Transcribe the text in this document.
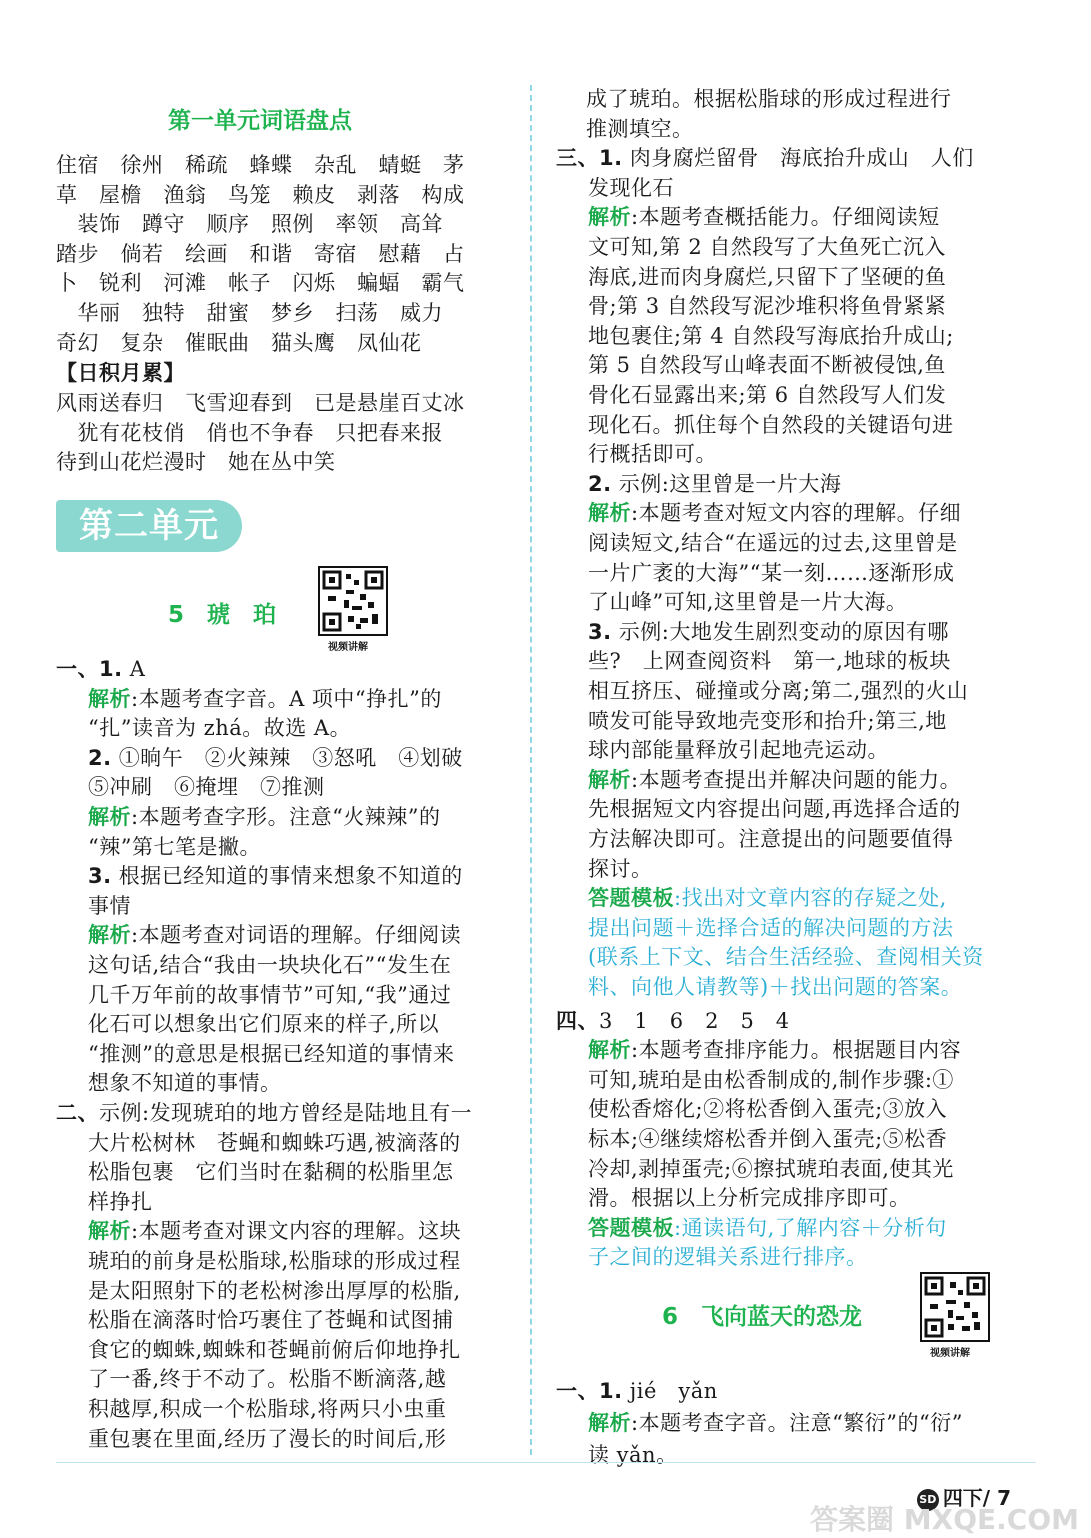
第一单元词语盘点
住宿　徐州　稀疏　蜂蝶　杂乱　蜻蜓　茅
草　屋檐　渔翁　鸟笼　赖皮　剥落　构成
　装饰　蹲守　顺序　照例　率领　高耸
踏步　倘若　绘画　和谐　寄宿　慰藉　占
卜　锐利　河滩　帐子　闪烁　蝙蝠　霸气
　华丽　独特　甜蜜　梦乡　扫荡　威力
奇幻　复杂　催眠曲　猫头鹰　凤仙花
【日积月累】
风雨送春归　飞雪迎春到　已是悬崖百丈冰
　犹有花枝俏　俏也不争春　只把春来报
待到山花烂漫时　她在丛中笑
第二单元
5　琥　珀
视频讲解
一、1. A
解析:本题考查字音。A 项中“挣扎”的
“扎”读音为 zhá。故选 A。
2. ①晌午　②火辣辣　③怒吼　④划破
⑤冲刷　⑥掩埋　⑦推测
解析:本题考查字形。注意“火辣辣”的
“辣”第七笔是撇。
3. 根据已经知道的事情来想象不知道的
事情
解析:本题考查对词语的理解。仔细阅读
这句话,结合“我由一块块化石”“发生在
几千万年前的故事情节”可知,“我”通过
化石可以想象出它们原来的样子,所以
“推测”的意思是根据已经知道的事情来
想象不知道的事情。
二、示例:发现琥珀的地方曾经是陆地且有一
大片松树林　苍蝇和蜘蛛巧遇,被滴落的
松脂包裹　它们当时在黏稠的松脂里怎
样挣扎
解析:本题考查对课文内容的理解。这块
琥珀的前身是松脂球,松脂球的形成过程
是太阳照射下的老松树渗出厚厚的松脂,
松脂在滴落时恰巧裹住了苍蝇和试图捕
食它的蜘蛛,蜘蛛和苍蝇前俯后仰地挣扎
了一番,终于不动了。松脂不断滴落,越
积越厚,积成一个松脂球,将两只小虫重
重包裹在里面,经历了漫长的时间后,形
成了琥珀。根据松脂球的形成过程进行
推测填空。
三、1. 肉身腐烂留骨　海底抬升成山　人们
发现化石
解析:本题考查概括能力。仔细阅读短
文可知,第 2 自然段写了大鱼死亡沉入
海底,进而肉身腐烂,只留下了坚硬的鱼
骨;第 3 自然段写泥沙堆积将鱼骨紧紧
地包裹住;第 4 自然段写海底抬升成山;
第 5 自然段写山峰表面不断被侵蚀,鱼
骨化石显露出来;第 6 自然段写人们发
现化石。抓住每个自然段的关键语句进
行概括即可。
2. 示例:这里曾是一片大海
解析:本题考查对短文内容的理解。仔细
阅读短文,结合“在遥远的过去,这里曾是
一片广袤的大海”“某一刻……逐渐形成
了山峰”可知,这里曾是一片大海。
3. 示例:大地发生剧烈变动的原因有哪
些?　上网查阅资料　第一,地球的板块
相互挤压、碰撞或分离;第二,强烈的火山
喷发可能导致地壳变形和抬升;第三,地
球内部能量释放引起地壳运动。
解析:本题考查提出并解决问题的能力。
先根据短文内容提出问题,再选择合适的
方法解决即可。注意提出的问题要值得
探讨。
答题模板:找出对文章内容的存疑之处,
提出问题＋选择合适的解决问题的方法
(联系上下文、结合生活经验、查阅相关资
料、向他人请教等)＋找出问题的答案。
四、3　1　6　2　5　4
解析:本题考查排序能力。根据题目内容
可知,琥珀是由松香制成的,制作步骤:①
使松香熔化;②将松香倒入蛋壳;③放入
标本;④继续熔松香并倒入蛋壳;⑤松香
冷却,剥掉蛋壳;⑥擦拭琥珀表面,使其光
滑。根据以上分析完成排序即可。
答题模板:通读语句,了解内容＋分析句
子之间的逻辑关系进行排序。
6　飞向蓝天的恐龙
视频讲解
一、1. jié　yǎn
解析:本题考查字音。注意“繁衍”的“衍”
读 yǎn。
SD 四下/ 7
答案圈 MXQE.COM
